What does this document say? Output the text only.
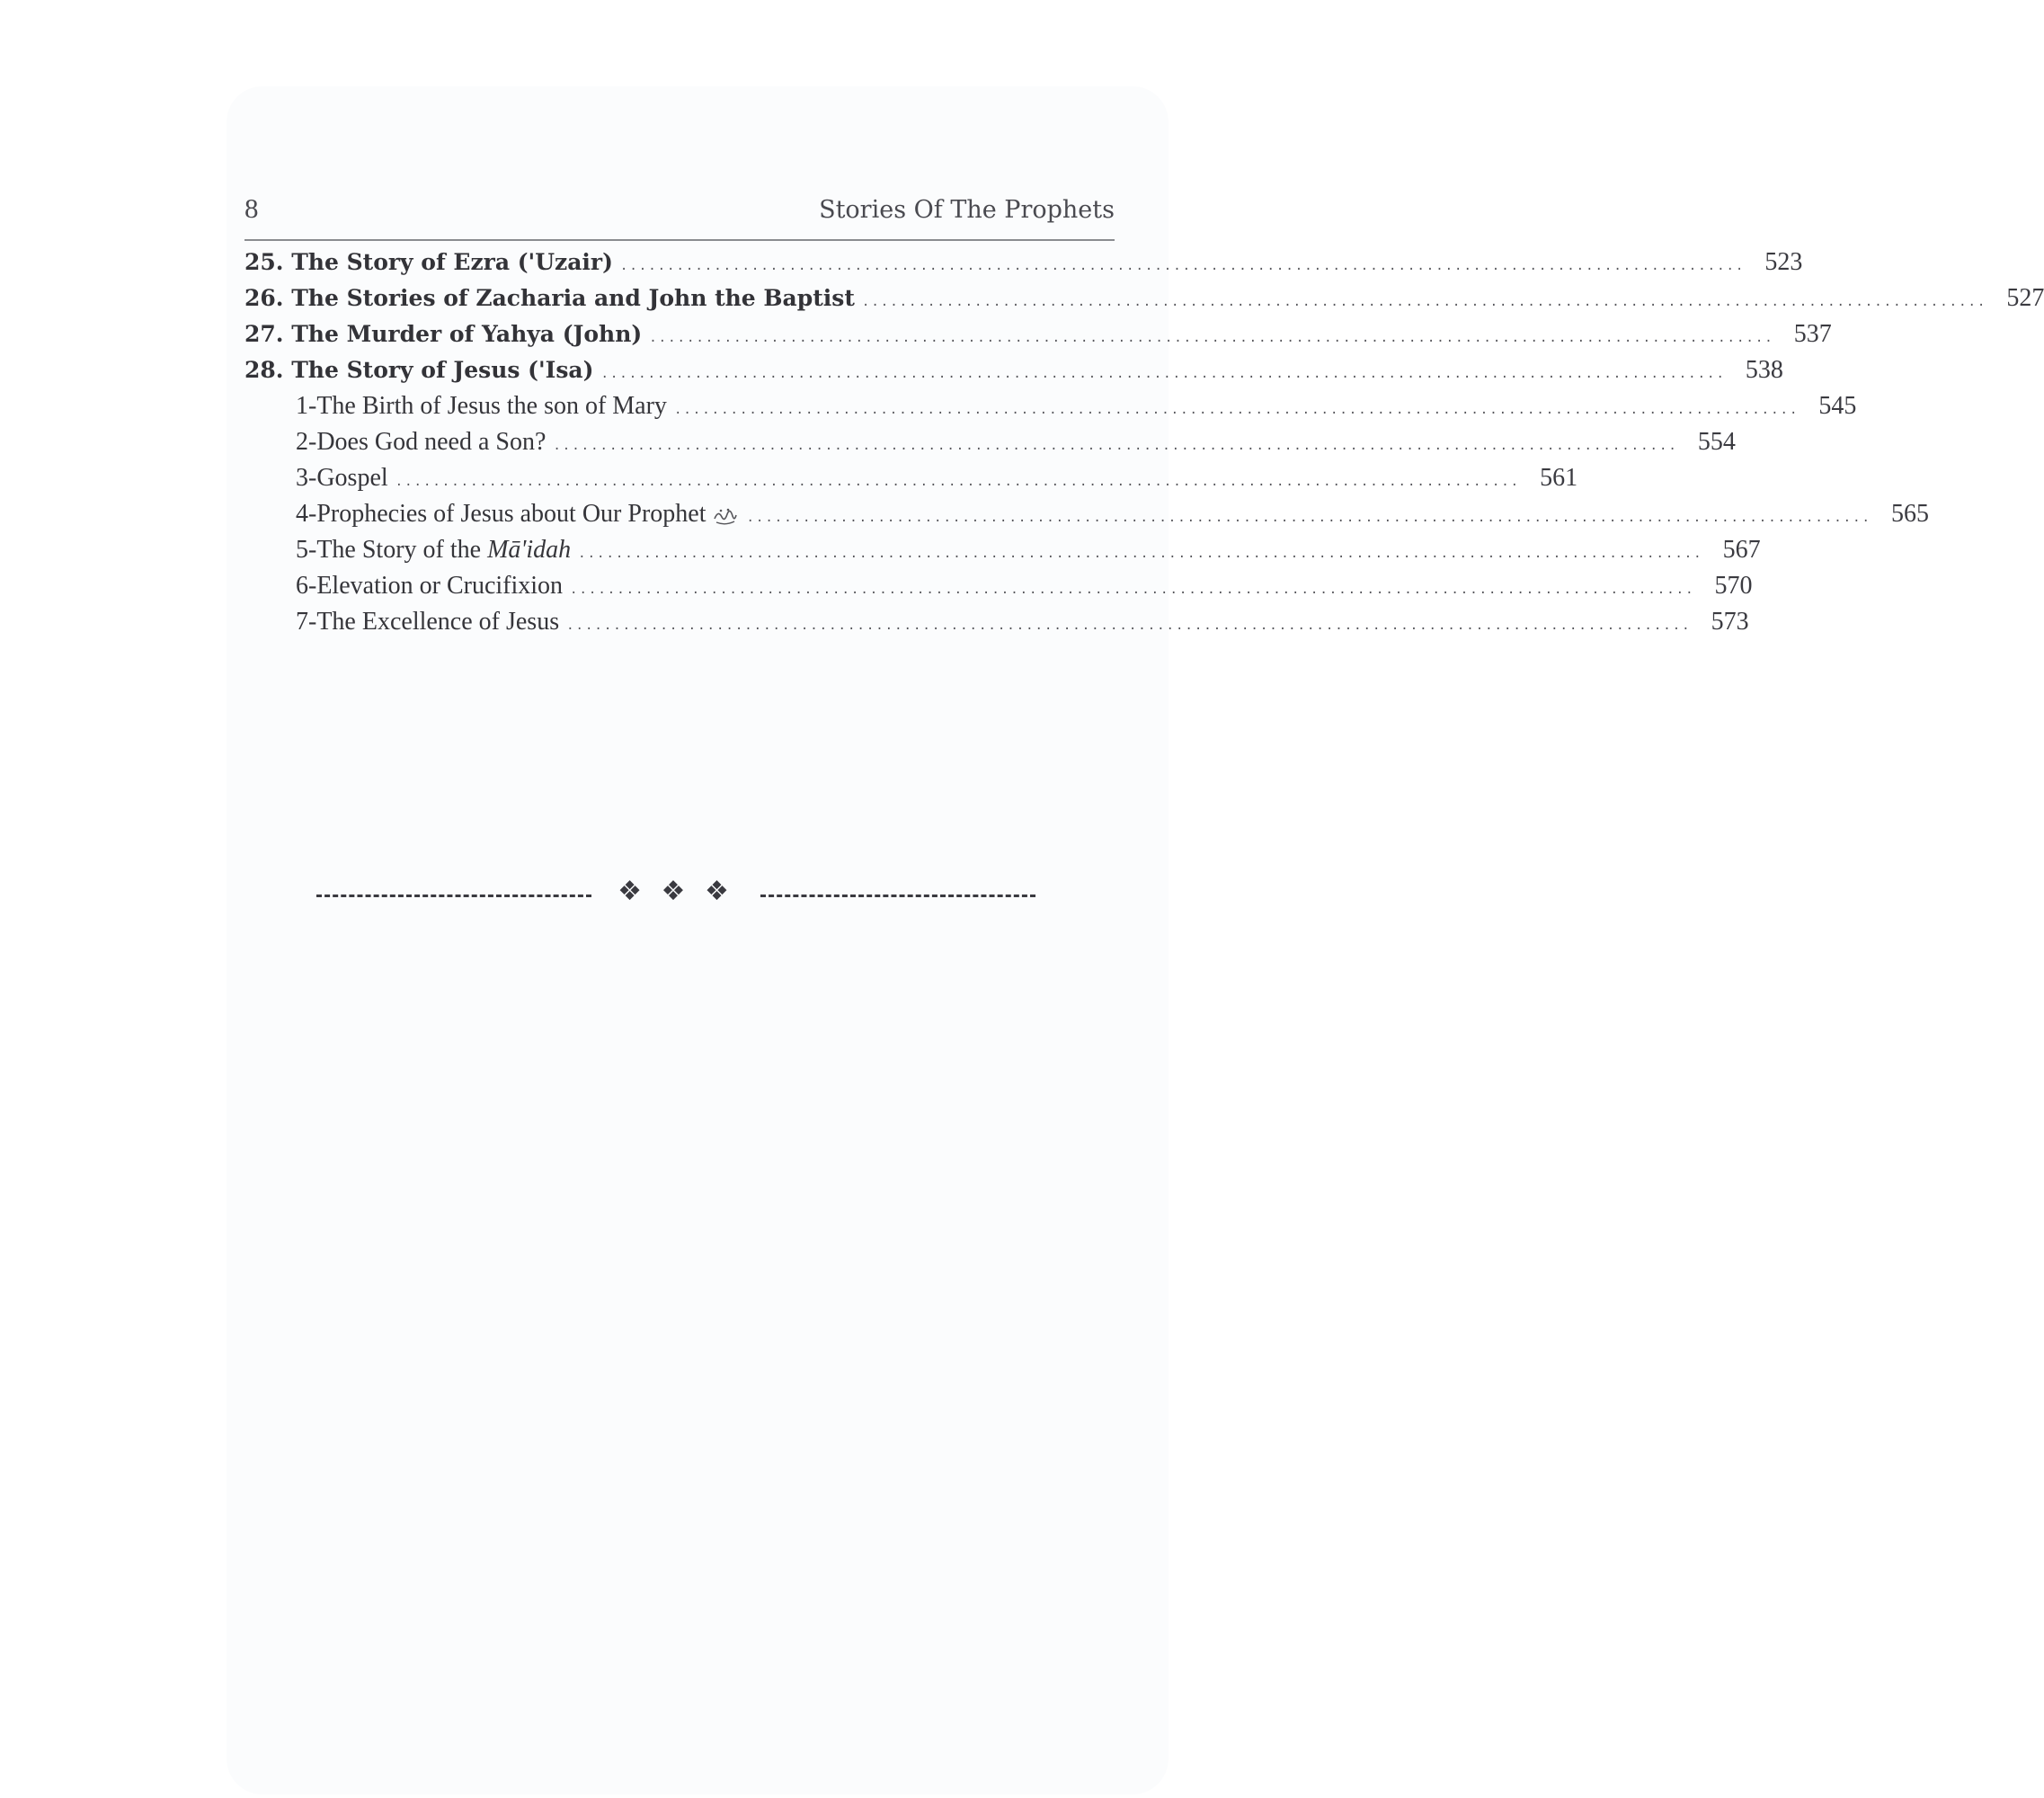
8	Stories Of The Prophets
25. The Story of Ezra ('Uzair) ........................................................................................................................ 523
26. The Stories of Zacharia and John the Baptist ........................................................................................................................ 527
27. The Murder of Yahya (John) ........................................................................................................................ 537
28. The Story of Jesus ('Isa) ........................................................................................................................ 538
1-The Birth of Jesus the son of Mary ........................................................................................................................ 545
2-Does God need a Son? ........................................................................................................................ 554
3-Gospel ........................................................................................................................ 561
4-Prophecies of Jesus about Our Prophet	........................................................................................................................ 565
5-The Story of the Mā'idah ........................................................................................................................ 567
6-Elevation or Crucifixion ........................................................................................................................ 570
7-The Excellence of Jesus ........................................................................................................................ 573
❖ ❖ ❖
